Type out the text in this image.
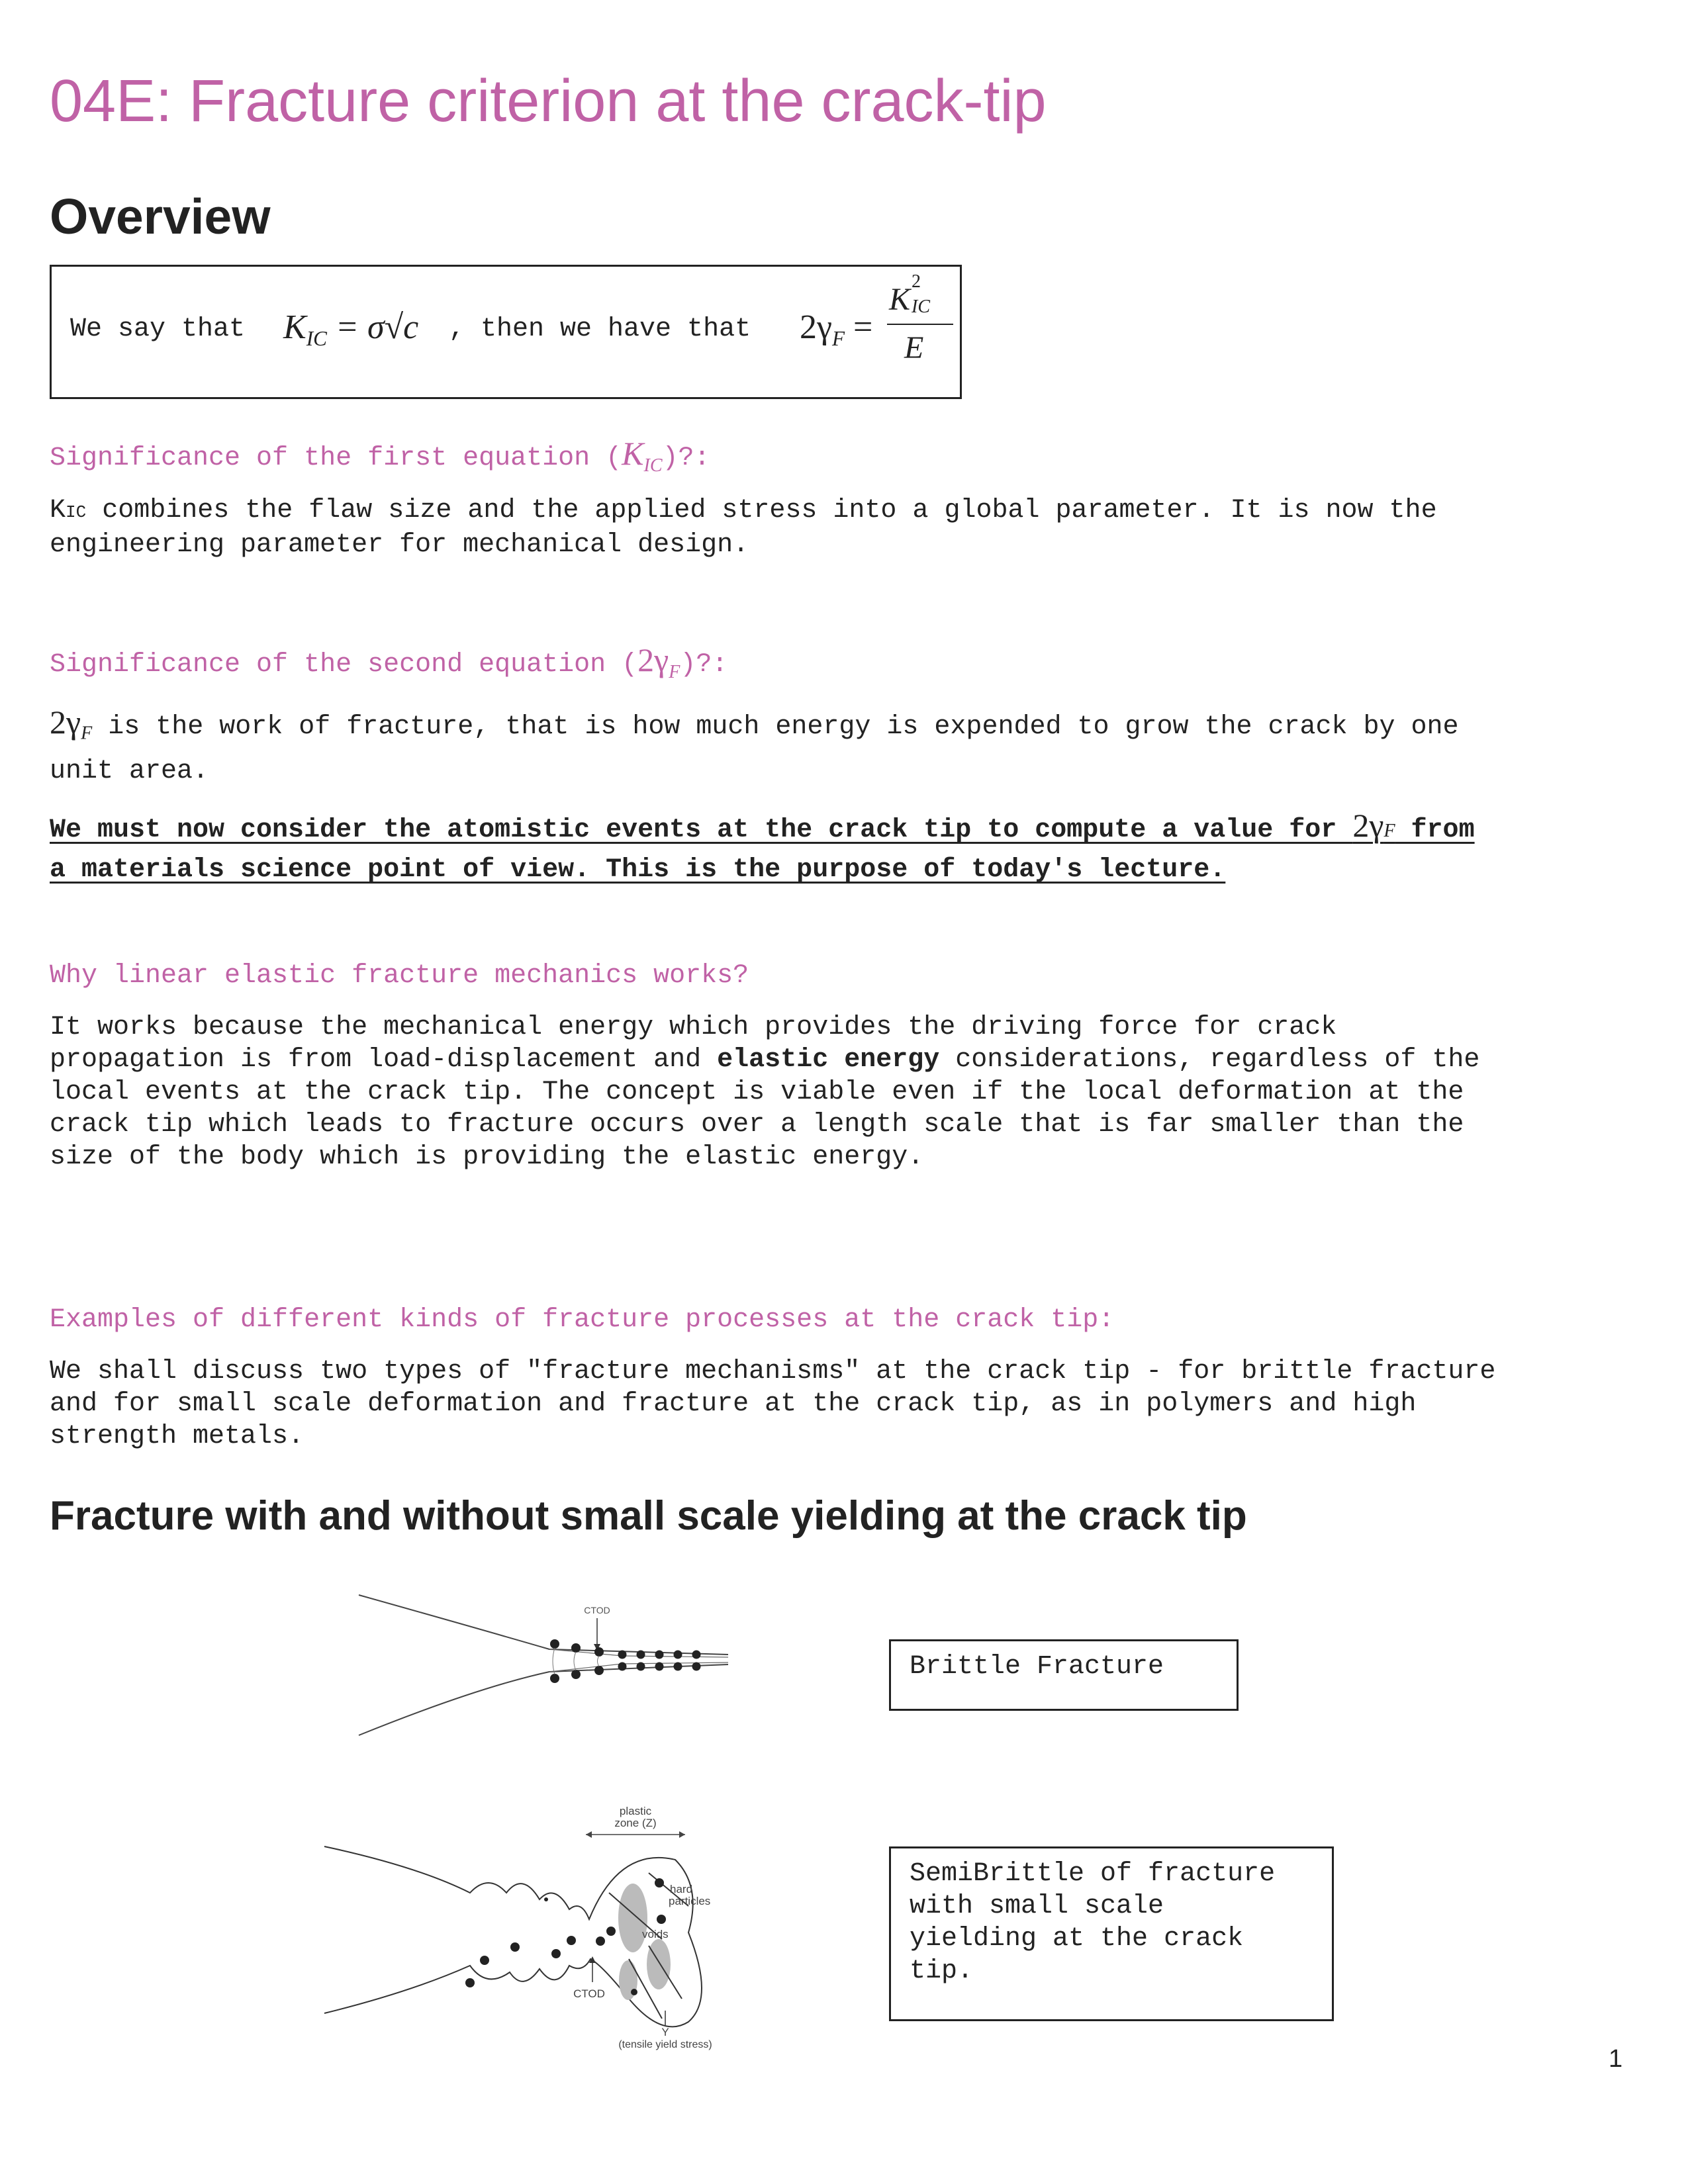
04E: Fracture criterion at the crack-tip
Overview
We say that $K_{IC} = \sigma√c$ , then we have that $2\gamma_F$ =
K
2
IC
E
Significance of the first equation $(K_{IC})$?:
KIC combines the flaw size and the applied stress into a global parameter. It is now the
engineering parameter for mechanical design.
Significance of the second equation $(2\gamma_F)$?:
$2\gamma_F$ is the work of fracture, that is how much energy is expended to grow the crack by one
unit area.
We must now consider the atomistic events at the crack tip to compute a value for 2γF from
a materials science point of view. This is the purpose of today's lecture.
Why linear elastic fracture mechanics works?
It works because the mechanical energy which provides the driving force for crack
propagation is from load-displacement and elastic energy considerations, regardless of the
local events at the crack tip. The concept is viable even if the local deformation at the
crack tip which leads to fracture occurs over a length scale that is far smaller than the
size of the body which is providing the elastic energy.
Examples of different kinds of fracture processes at the crack tip:
We shall discuss two types of "fracture mechanisms" at the crack tip - for brittle fracture
and for small scale deformation and fracture at the crack tip, as in polymers and high
strength metals.
Fracture with and without small scale yielding at the crack tip
CTOD
plastic
zone (Z)
hard
particles
voids
CTOD
Y
(tensile yield stress)
Brittle Fracture
SemiBrittle of fracture
with small scale
yielding at the crack
tip.
1
